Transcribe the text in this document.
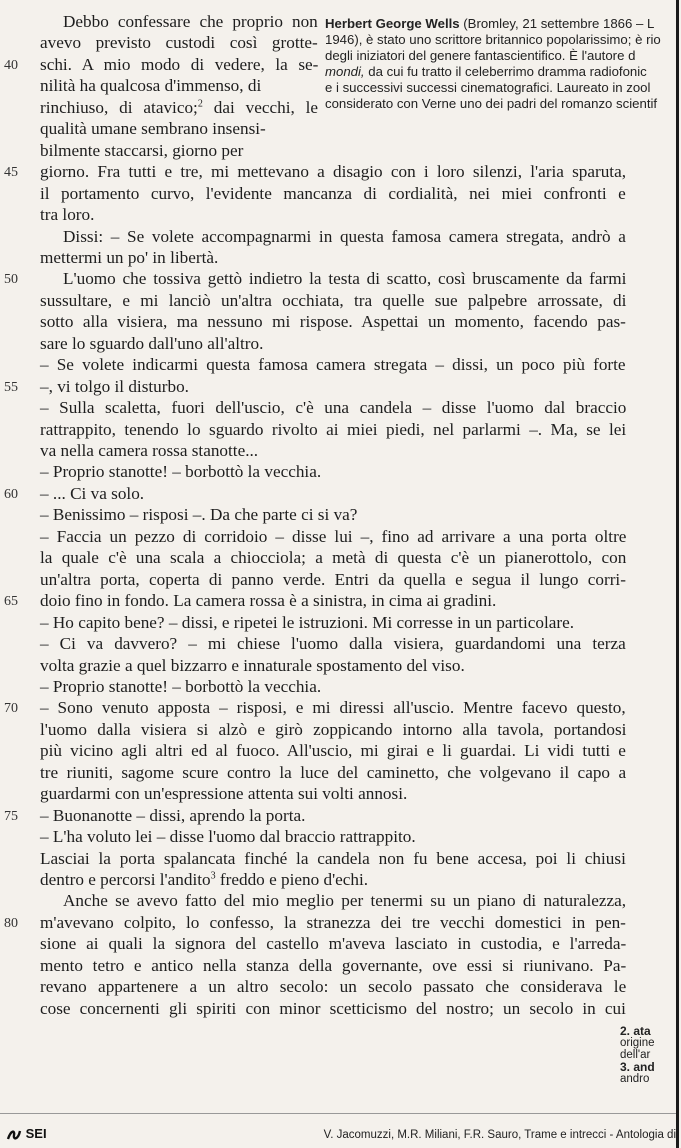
Herbert George Wells (Bromley, 21 settembre 1866 – L
1946), è stato uno scrittore britannico popolarissimo; è rio
degli iniziatori del genere fantascientifico. È l'autore d
mondi, da cui fu tratto il celeberrimo dramma radiofonic
e i successivi successi cinematografici. Laureato in zool
considerato con Verne uno dei padri del romanzo scientif
Debbo confessare che proprio non
avevo previsto custodi così grotte-
schi. A mio modo di vedere, la se-
nilità ha qualcosa d'immenso, di
rinchiuso, di atavico;$^2$ dai vecchi, le
qualità umane sembrano insensi-
bilmente staccarsi, giorno per
giorno. Fra tutti e tre, mi mettevano a disagio con i loro silenzi, l'aria sparuta,
il portamento curvo, l'evidente mancanza di cordialità, nei miei confronti e
tra loro.
Dissi: – Se volete accompagnarmi in questa famosa camera stregata, andrò a
mettermi un po' in libertà.
L'uomo che tossiva gettò indietro la testa di scatto, così bruscamente da farmi
sussultare, e mi lanciò un'altra occhiata, tra quelle sue palpebre arrossate, di
sotto alla visiera, ma nessuno mi rispose. Aspettai un momento, facendo pas-
sare lo sguardo dall'uno all'altro.
– Se volete indicarmi questa famosa camera stregata – dissi, un poco più forte
–, vi tolgo il disturbo.
– Sulla scaletta, fuori dell'uscio, c'è una candela – disse l'uomo dal braccio
rattrappito, tenendo lo sguardo rivolto ai miei piedi, nel parlarmi –. Ma, se lei
va nella camera rossa stanotte...
– Proprio stanotte! – borbottò la vecchia.
– ... Ci va solo.
– Benissimo – risposi –. Da che parte ci si va?
– Faccia un pezzo di corridoio – disse lui –, fino ad arrivare a una porta oltre
la quale c'è una scala a chiocciola; a metà di questa c'è un pianerottolo, con
un'altra porta, coperta di panno verde. Entri da quella e segua il lungo corri-
doio fino in fondo. La camera rossa è a sinistra, in cima ai gradini.
– Ho capito bene? – dissi, e ripetei le istruzioni. Mi corresse in un particolare.
– Ci va davvero? – mi chiese l'uomo dalla visiera, guardandomi una terza
volta grazie a quel bizzarro e innaturale spostamento del viso.
– Proprio stanotte! – borbottò la vecchia.
– Sono venuto apposta – risposi, e mi diressi all'uscio. Mentre facevo questo,
l'uomo dalla visiera si alzò e girò zoppicando intorno alla tavola, portandosi
più vicino agli altri ed al fuoco. All'uscio, mi girai e li guardai. Li vidi tutti e
tre riuniti, sagome scure contro la luce del caminetto, che volgevano il capo a
guardarmi con un'espressione attenta sui volti annosi.
– Buonanotte – dissi, aprendo la porta.
– L'ha voluto lei – disse l'uomo dal braccio rattrappito.
Lasciai la porta spalancata finché la candela non fu bene accesa, poi li chiusi
dentro e percorsi l'andito$^3$ freddo e pieno d'echi.
Anche se avevo fatto del mio meglio per tenermi su un piano di naturalezza,
m'avevano colpito, lo confesso, la stranezza dei tre vecchi domestici in pen-
sione ai quali la signora del castello m'aveva lasciato in custodia, e l'arreda-
mento tetro e antico nella stanza della governante, ove essi si riunivano. Pa-
revano appartenere a un altro secolo: un secolo passato che considerava le
cose concernenti gli spiriti con minor scetticismo del nostro; un secolo in cui
40
45
50
55
60
65
70
75
80
2. ata
origine
dell'ar
3. and
andro
SEI	V. Jacomuzzi, M.R. Miliani, F.R. Sauro, Trame e intrecci - Antologia di
